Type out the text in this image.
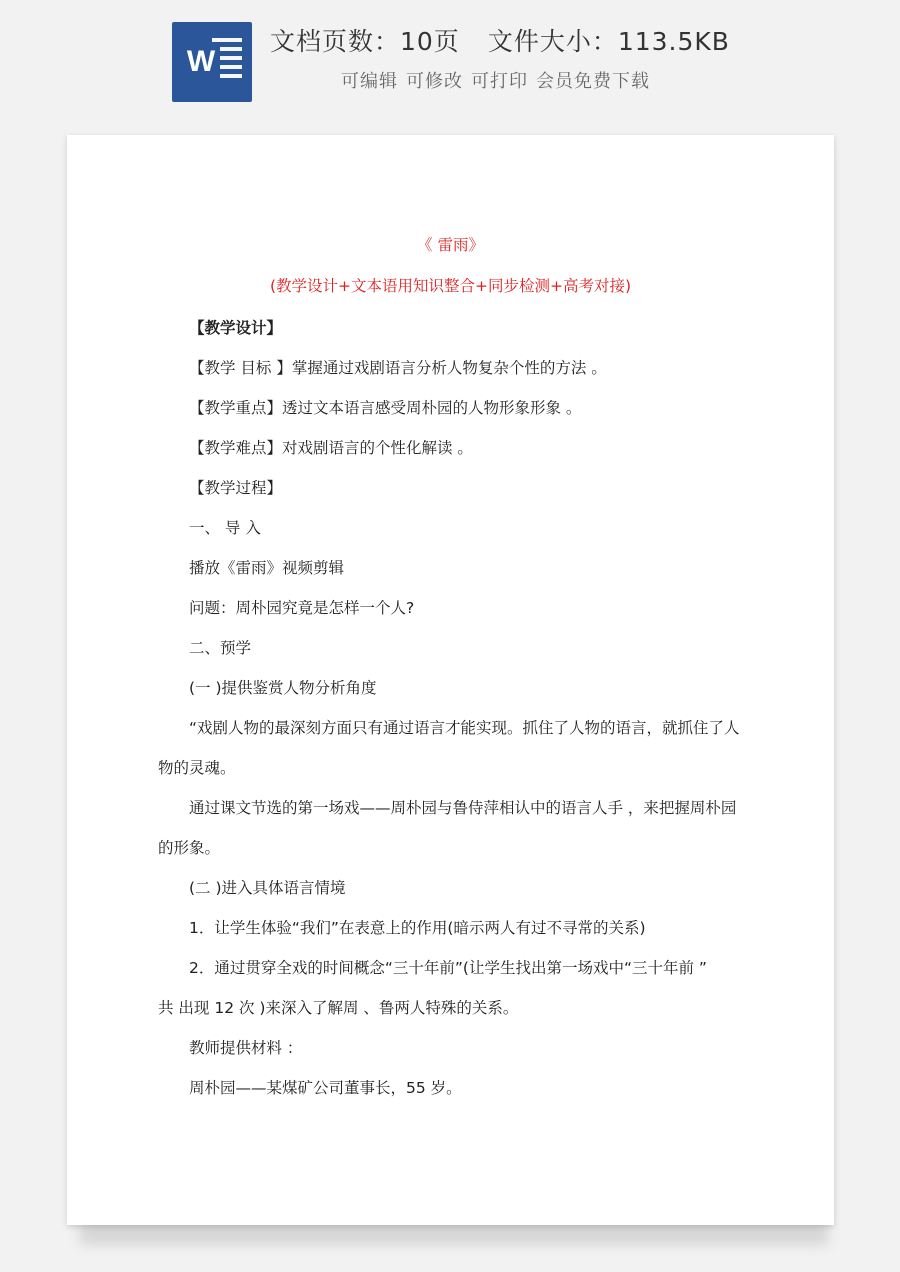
W
文档页数：10页 文件大小：113.5KB
可编辑 可修改 可打印 会员免费下载
《 雷雨》
(教学设计+文本语用知识整合+同步检测+高考对接)
【教学设计】
【教学 目标 】掌握通过戏剧语言分析人物复杂个性的方法 。
【教学重点】透过文本语言感受周朴园的人物形象形象 。
【教学难点】对戏剧语言的个性化解读 。
【教学过程】
一、 导 入
播放《雷雨》视频剪辑
问题：周朴园究竟是怎样一个人?
二、预学
(一 )提供鉴赏人物分析角度
“戏剧人物的最深刻方面只有通过语言才能实现。抓住了人物的语言，就抓住了人
物的灵魂。
通过课文节选的第一场戏——周朴园与鲁侍萍相认中的语言人手 ，来把握周朴园
的形象。
(二 )进入具体语言情境
1．让学生体验“我们”在表意上的作用(暗示两人有过不寻常的关系)
2．通过贯穿全戏的时间概念“三十年前”(让学生找出第一场戏中“三十年前 ”
共 出现 12 次 )来深入了解周 、鲁两人特殊的关系。
教师提供材料 ：
周朴园——某煤矿公司董事长，55 岁。
